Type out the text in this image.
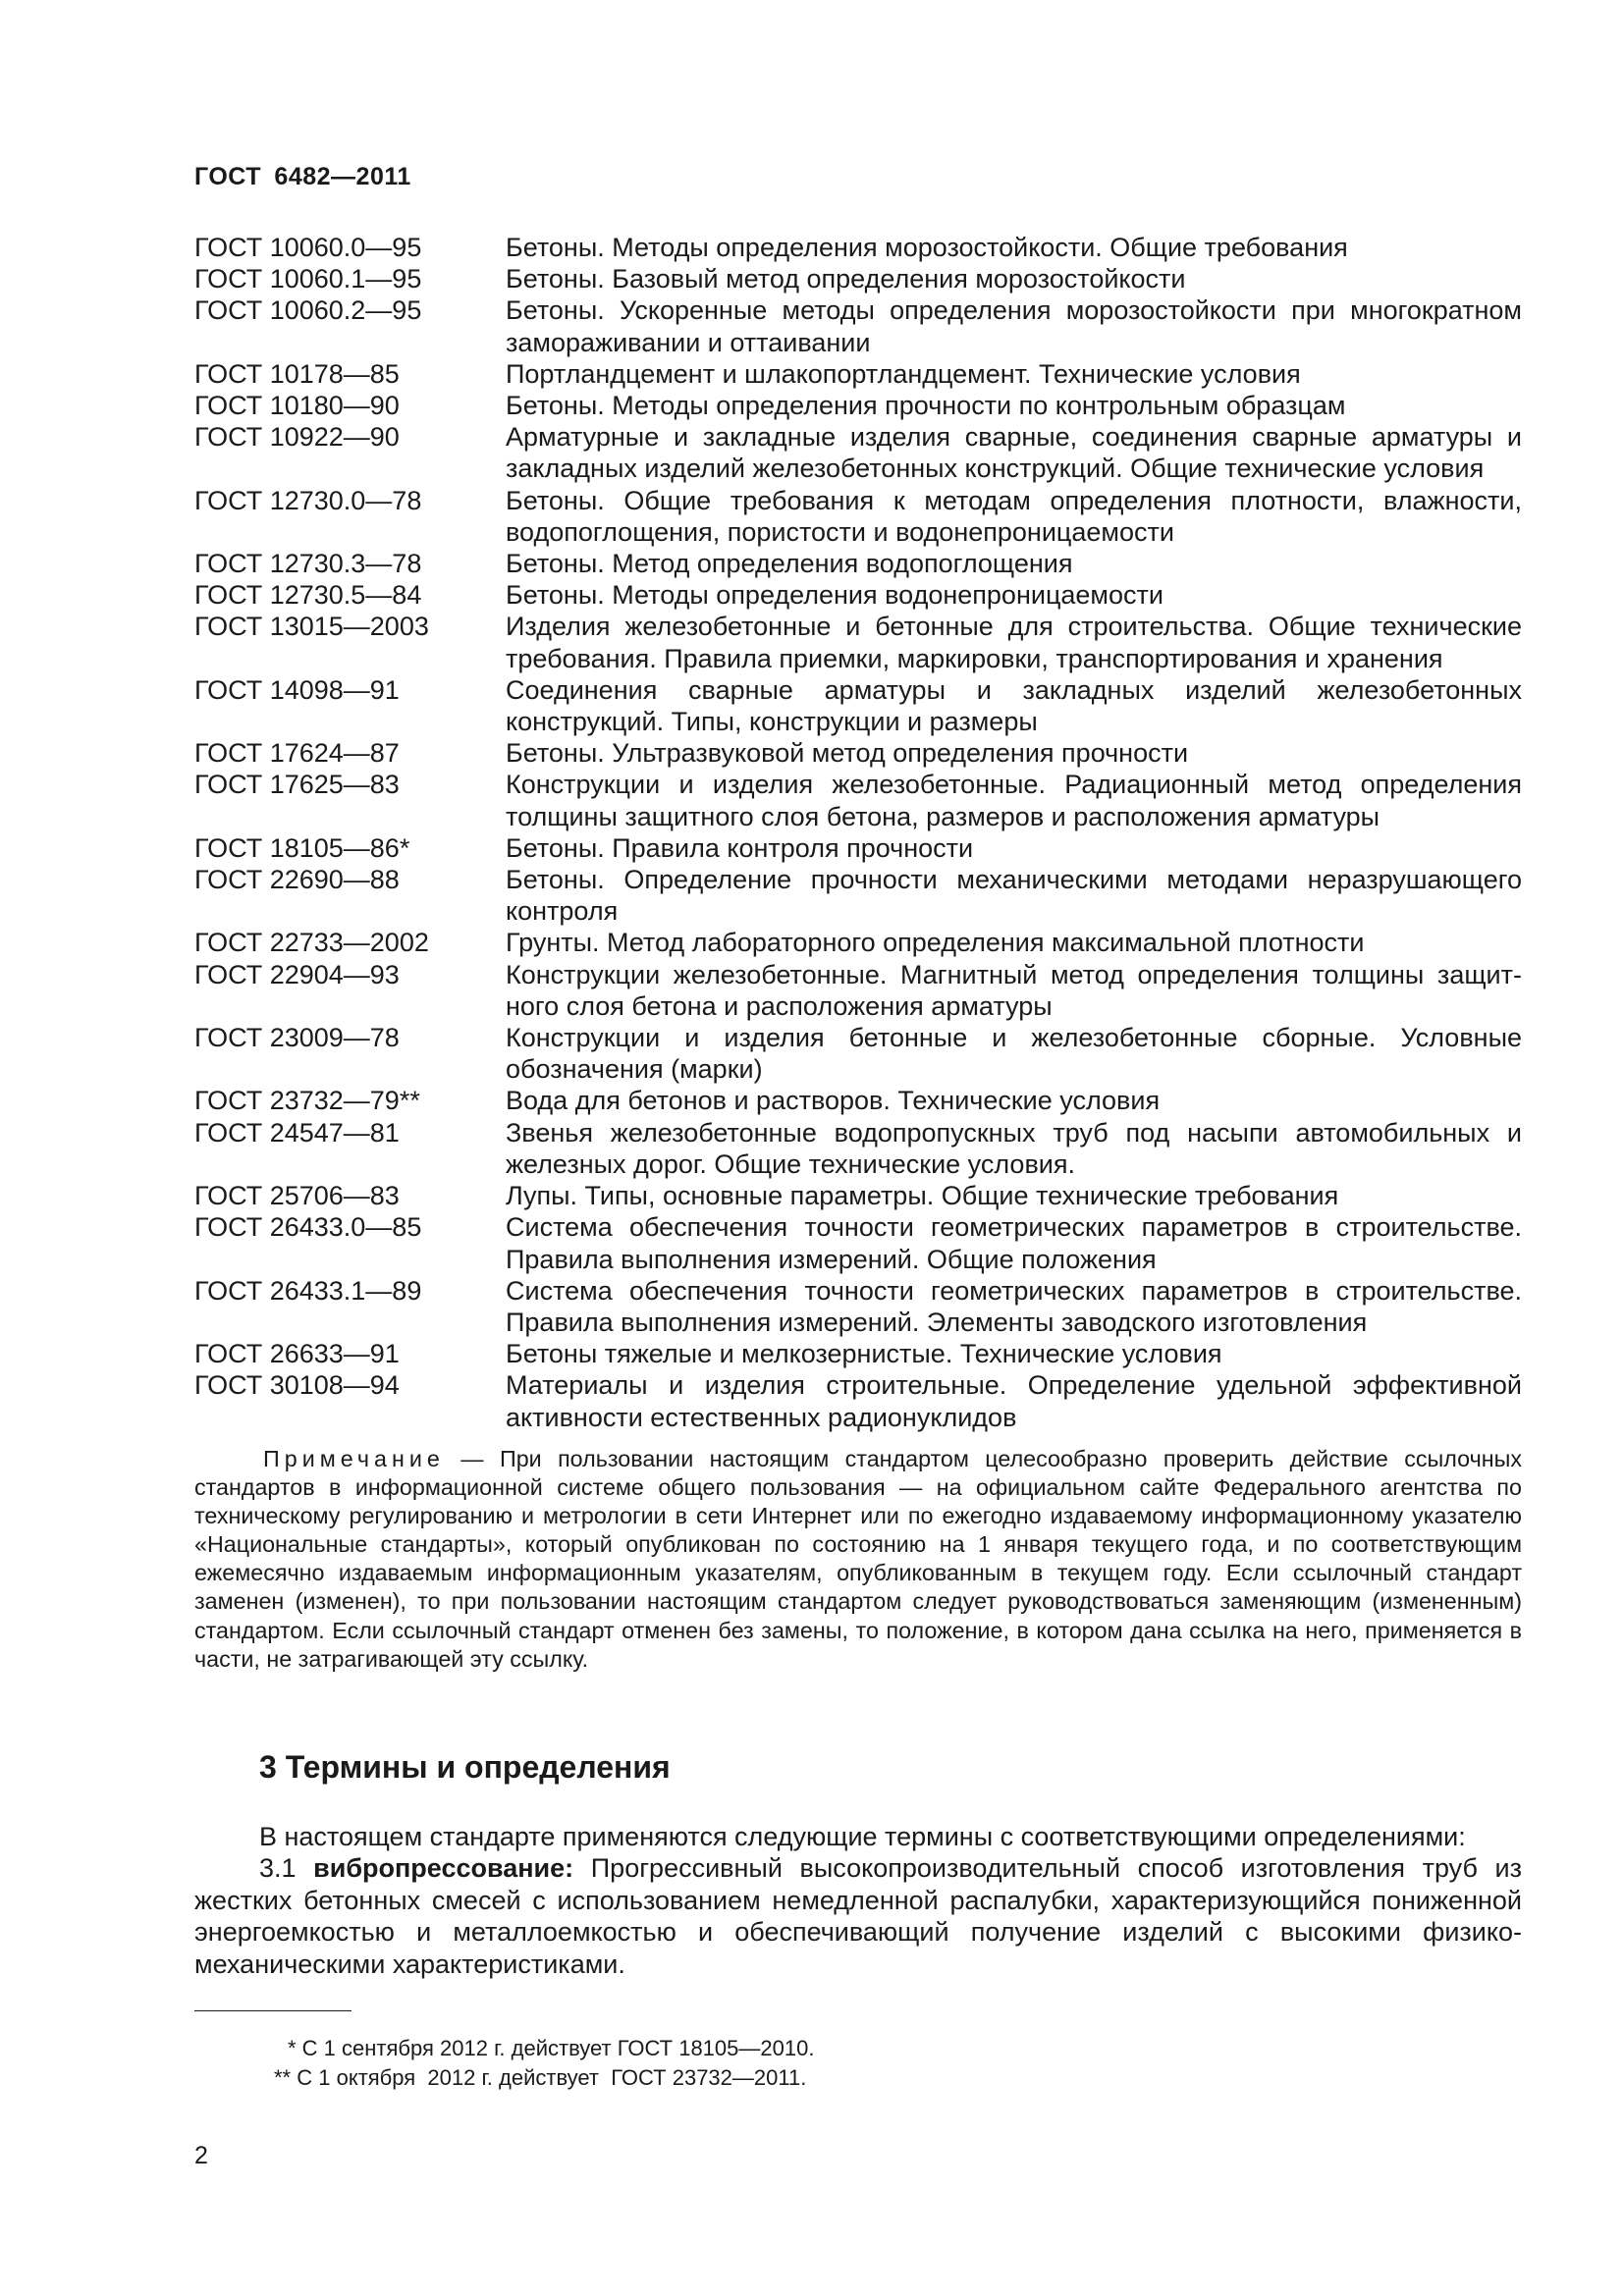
ГОСТ 6482—2011
ГОСТ 10060.0—95	Бетоны. Методы определения морозостойкости. Общие требования
ГОСТ 10060.1—95	Бетоны. Базовый метод определения морозостойкости
ГОСТ 10060.2—95	Бетоны. Ускоренные методы определения морозостойкости при многократном замораживании и оттаивании
ГОСТ 10178—85	Портландцемент и шлакопортландцемент. Технические условия
ГОСТ 10180—90	Бетоны. Методы определения прочности по контрольным образцам
ГОСТ 10922—90	Арматурные и закладные изделия сварные, соединения сварные арматуры и закладных изделий железобетонных конструкций. Общие технические условия
ГОСТ 12730.0—78	Бетоны. Общие требования к методам определения плотности, влажности, водопоглощения, пористости и водонепроницаемости
ГОСТ 12730.3—78	Бетоны. Метод определения водопоглощения
ГОСТ 12730.5—84	Бетоны. Методы определения водонепроницаемости
ГОСТ 13015—2003	Изделия железобетонные и бетонные для строительства. Общие технические требования. Правила приемки, маркировки, транспортирования и хранения
ГОСТ 14098—91	Соединения сварные арматуры и закладных изделий железобетонных конструкций. Типы, конструкции и размеры
ГОСТ 17624—87	Бетоны. Ультразвуковой метод определения прочности
ГОСТ 17625—83	Конструкции и изделия железобетонные. Радиационный метод определения толщины защитного слоя бетона, размеров и расположения арматуры
ГОСТ 18105—86*	Бетоны. Правила контроля прочности
ГОСТ 22690—88	Бетоны. Определение прочности механическими методами неразрушающего контроля
ГОСТ 22733—2002	Грунты. Метод лабораторного определения максимальной плотности
ГОСТ 22904—93	Конструкции железобетонные. Магнитный метод определения толщины защитного слоя бетона и расположения арматуры
ГОСТ 23009—78	Конструкции и изделия бетонные и железобетонные сборные. Условные обозначения (марки)
ГОСТ 23732—79**	Вода для бетонов и растворов. Технические условия
ГОСТ 24547—81	Звенья железобетонные водопропускных труб под насыпи автомобильных и железных дорог. Общие технические условия.
ГОСТ 25706—83	Лупы. Типы, основные параметры. Общие технические требования
ГОСТ 26433.0—85	Система обеспечения точности геометрических параметров в строительстве. Правила выполнения измерений. Общие положения
ГОСТ 26433.1—89	Система обеспечения точности геометрических параметров в строительстве. Правила выполнения измерений. Элементы заводского изготовления
ГОСТ 26633—91	Бетоны тяжелые и мелкозернистые. Технические условия
ГОСТ 30108—94	Материалы и изделия строительные. Определение удельной эффективной активности естественных радионуклидов
Примечание — При пользовании настоящим стандартом целесообразно проверить действие ссылочных стандартов в информационной системе общего пользования — на официальном сайте Федерального агентства по техническому регулированию и метрологии в сети Интернет или по ежегодно издаваемому информационному указателю «Национальные стандарты», который опубликован по состоянию на 1 января текущего года, и по соответствующим ежемесячно издаваемым информационным указателям, опубликованным в текущем году. Если ссылочный стандарт заменен (изменен), то при пользовании настоящим стандартом следует руководствоваться заменяющим (измененным) стандартом. Если ссылочный стандарт отменен без замены, то положение, в котором дана ссылка на него, применяется в части, не затрагивающей эту ссылку.
3 Термины и определения

В настоящем стандарте применяются следующие термины с соответствующими определениями:

3.1 вибропрессование: Прогрессивный высокопроизводительный способ изготовления труб из жестких бетонных смесей с использованием немедленной распалубки, характеризующийся пониженной энергоемкостью и металлоемкостью и обеспечивающий получение изделий с высокими физико-механическими характеристиками.

* С 1 сентября 2012 г. действует ГОСТ 18105—2010.
** С 1 октября  2012 г. действует  ГОСТ 23732—2011.
2
